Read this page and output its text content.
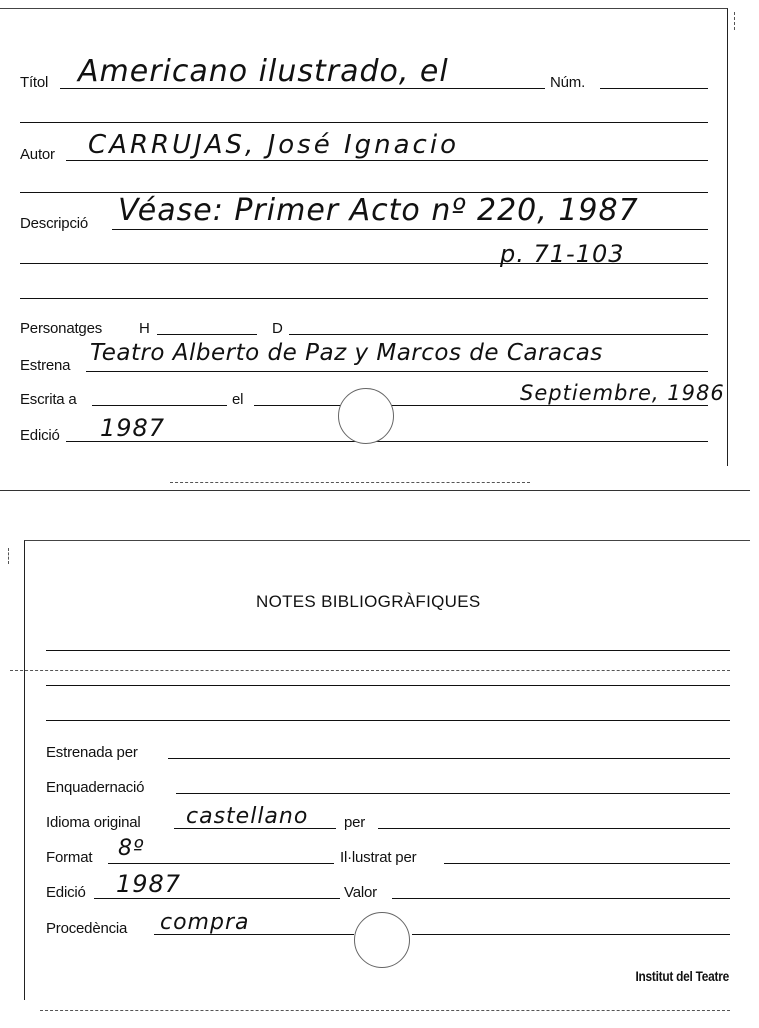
Títol Americano ilustrado, el	Núm.
Autor CARRUJAS, José Ignacio
Descripció Véase: Primer Acto nº 220, 1987
p. 71-103
Personatges H	D
Estrena Teatro Alberto de Paz y Marcos de Caracas
Escrita a	el	Septiembre, 1986
Edició 1987
NOTES BIBLIOGRÀFIQUES
Estrenada per
Enquadernació
Idioma original castellano per
Format 8º	Il·lustrat per
Edició 1987	Valor
Procedència compra
Institut del Teatre
